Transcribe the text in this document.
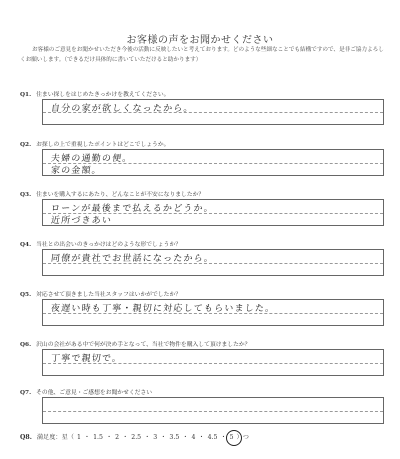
お客様の声をお聞かせください
お客様のご意見をお聞かせいただき今後の活動に反映したいと考えております。どのような些細なことでも結構ですので、是非ご協力よろしくお願いします。（できるだけ具体的に書いていただけると助かります）
Q1. 住まい探しをはじめたきっかけを教えてください。
自分の家が欲しくなったから。
Q2. お探しの上で重視したポイントはどこでしょうか。
夫婦の通勤の便。
家の金額。
Q3. 住まいを購入するにあたり、どんなことが不安になりましたか？
ローンが最後まで払えるかどうか。
近所づきあい
Q4. 当社との出会いのきっかけはどのような形でしょうか？
同僚が貴社でお世話になったから。
Q5. 対応させて頂きました当社スタッフはいかがでしたか？
夜遅い時も丁寧・親切に対応してもらいました。
Q6. 沢山の会社がある中で何が決め手となって、当社で物件を購入して頂けましたか？
丁寧で親切で。
Q7. その他、ご意見・ご感想をお聞かせください
Q8. 満足度：星（ 1 ・ 1.5 ・ 2 ・ 2.5 ・ 3 ・ 3.5 ・ 4 ・ 4.5 ・ 5 ）つ
